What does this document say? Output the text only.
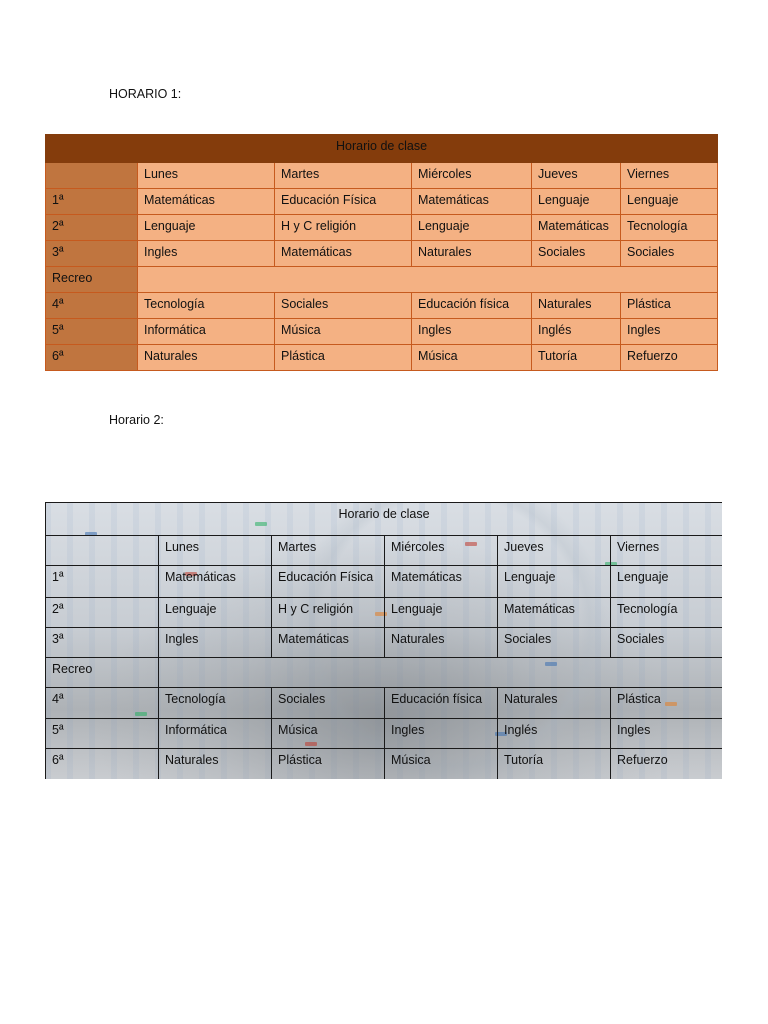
HORARIO 1:
Horario de clase					
	Lunes	Martes	Miércoles	Jueves	Viernes
1ª	Matemáticas	Educación Física	Matemáticas	Lenguaje	Lenguaje
2ª	Lenguaje	H y C religión	Lenguaje	Matemáticas	Tecnología
3ª	Ingles	Matemáticas	Naturales	Sociales	Sociales
Recreo					
4ª	Tecnología	Sociales	Educación física	Naturales	Plástica
5ª	Informática	Música	Ingles	Inglés	Ingles
6ª	Naturales	Plástica	Música	Tutoría	Refuerzo
Horario 2:
Horario de clase					
	Lunes	Martes	Miércoles	Jueves	Viernes
1ª	Matemáticas	Educación Física	Matemáticas	Lenguaje	Lenguaje
2ª	Lenguaje	H y C religión	Lenguaje	Matemáticas	Tecnología
3ª	Ingles	Matemáticas	Naturales	Sociales	Sociales
Recreo					
4ª	Tecnología	Sociales	Educación física	Naturales	Plástica
5ª	Informática	Música	Ingles	Inglés	Ingles
6ª	Naturales	Plástica	Música	Tutoría	Refuerzo
